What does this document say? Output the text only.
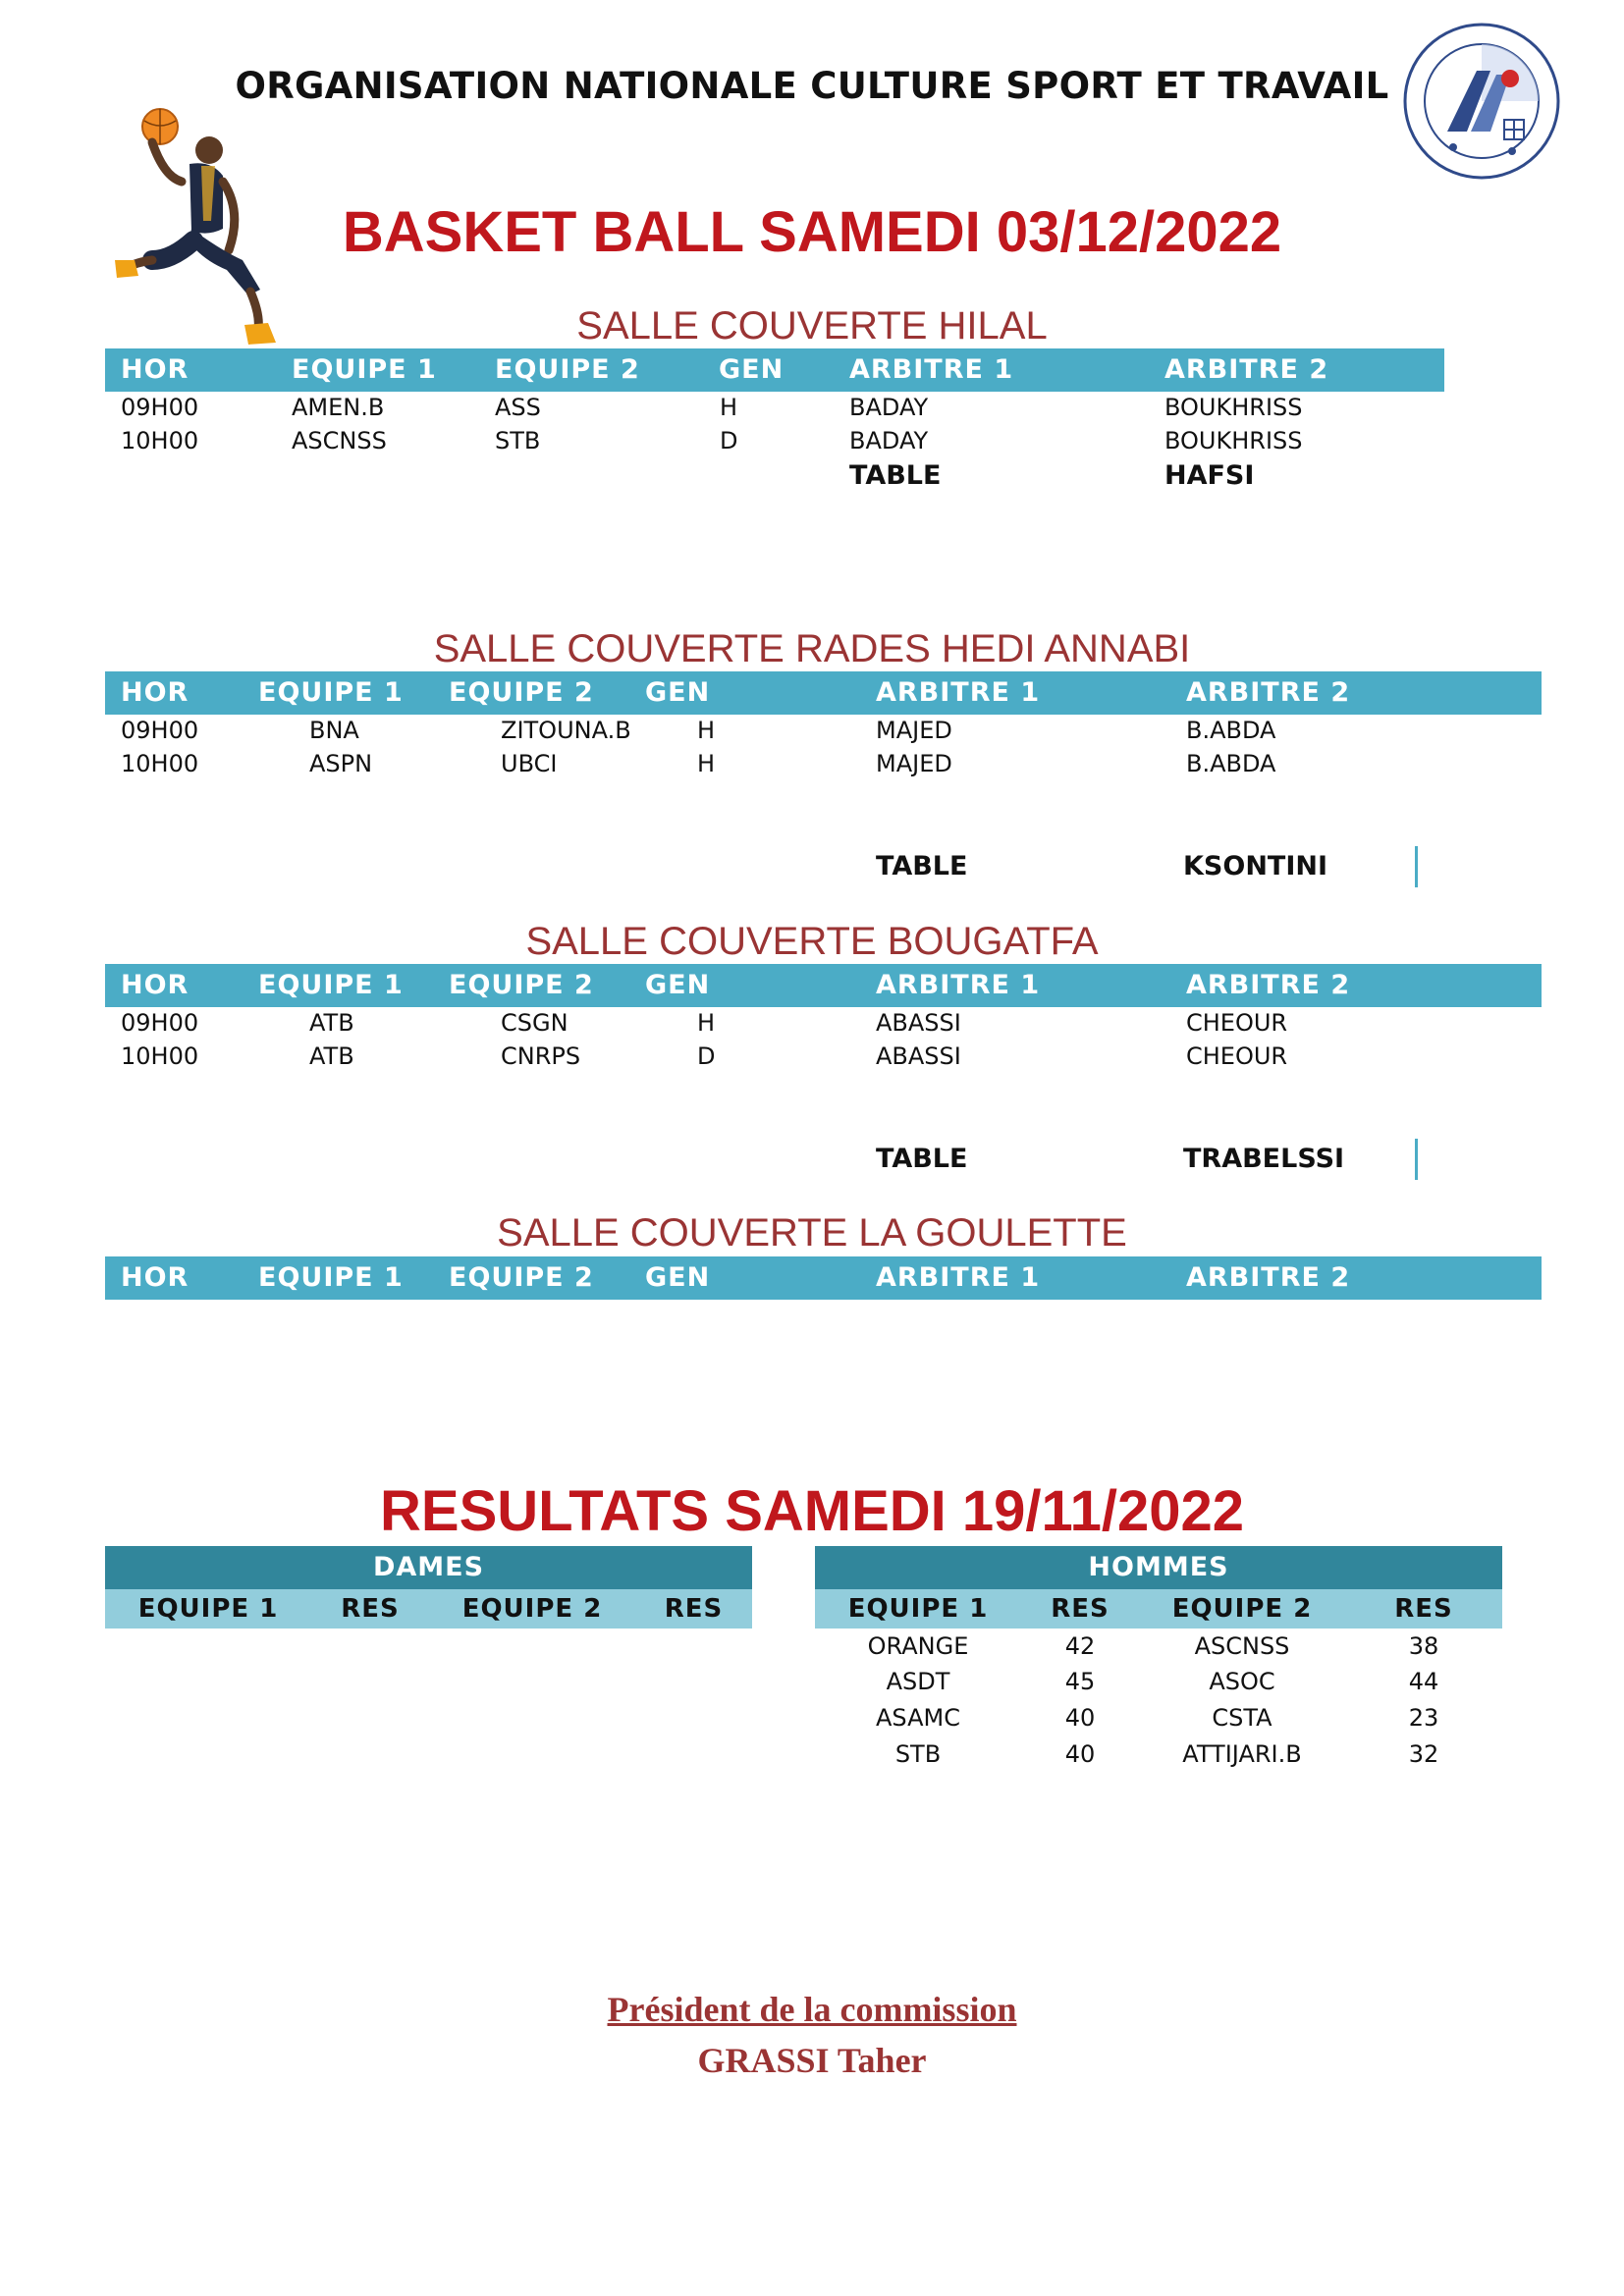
ORGANISATION NATIONALE CULTURE SPORT ET TRAVAIL
BASKET BALL SAMEDI 03/12/2022
SALLE COUVERTE HILAL
HOR	EQUIPE 1 EQUIPE 2	GEN ARBITRE 1	ARBITRE 2
09H00	AMEN.B	ASS	H	BADAY	BOUKHRISS
10H00	ASCNSS	STB	D	BADAY	BOUKHRISS
TABLE	HAFSI
SALLE COUVERTE RADES HEDI ANNABI
HOR	EQUIPE 1 EQUIPE 2 GEN	ARBITRE 1	ARBITRE 2
09H00	BNA	ZITOUNA.B	H	MAJED	B.ABDA
10H00	ASPN	UBCI	H	MAJED	B.ABDA
TABLE	KSONTINI
SALLE COUVERTE BOUGATFA
HOR	EQUIPE 1 EQUIPE 2 GEN	ARBITRE 1	ARBITRE 2
09H00	ATB	CSGN	H	ABASSI	CHEOUR
10H00	ATB	CNRPS	D	ABASSI	CHEOUR
TABLE	TRABELSSI
SALLE COUVERTE LA GOULETTE
HOR	EQUIPE 1 EQUIPE 2 GEN	ARBITRE 1	ARBITRE 2
RESULTATS SAMEDI 19/11/2022
DAMES
EQUIPE 1	RES	EQUIPE 2	RES
HOMMES
EQUIPE 1	RES	EQUIPE 2	RES
ORANGE	42	ASCNSS	38
ASDT	45	ASOC	44
ASAMC	40	CSTA	23
STB	40	ATTIJARI.B	32
Président de la commission
GRASSI Taher
